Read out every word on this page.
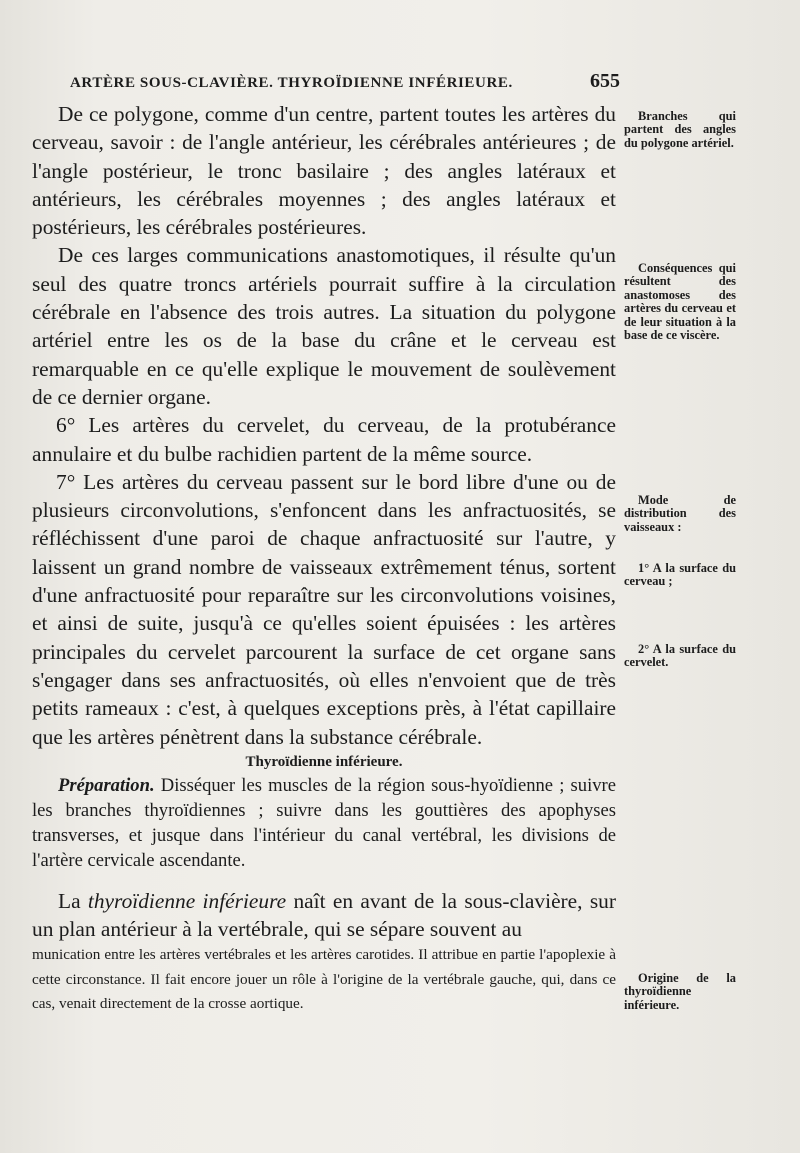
ARTÈRE SOUS-CLAVIÈRE. THYROÏDIENNE INFÉRIEURE.	655

De ce polygone, comme d'un centre, partent toutes les artères du cerveau, savoir : de l'angle antérieur, les cérébrales antérieures ; de l'angle postérieur, le tronc basilaire ; des angles latéraux et antérieurs, les cérébrales moyennes ; des angles latéraux et postérieurs, les cérébrales postérieures.

De ces larges communications anastomotiques, il résulte qu'un seul des quatre troncs artériels pourrait suffire à la circulation cérébrale en l'absence des trois autres. La situation du polygone artériel entre les os de la base du crâne et le cerveau est remarquable en ce qu'elle explique le mouvement de soulèvement de ce dernier organe.

6° Les artères du cervelet, du cerveau, de la protubérance annulaire et du bulbe rachidien partent de la même source.

7° Les artères du cerveau passent sur le bord libre d'une ou de plusieurs circonvolutions, s'enfoncent dans les anfractuosités, se réfléchissent d'une paroi de chaque anfractuosité sur l'autre, y laissent un grand nombre de vaisseaux extrêmement ténus, sortent d'une anfractuosité pour reparaître sur les circonvolutions voisines, et ainsi de suite, jusqu'à ce qu'elles soient épuisées : les artères principales du cervelet parcourent la surface de cet organe sans s'engager dans ses anfractuosités, où elles n'envoient que de très petits rameaux : c'est, à quelques exceptions près, à l'état capillaire que les artères pénètrent dans la substance cérébrale.

Thyroïdienne inférieure.

Préparation. Disséquer les muscles de la région sous-hyoïdienne ; suivre les branches thyroïdiennes ; suivre dans les gouttières des apophyses transverses, et jusque dans l'intérieur du canal vertébral, les divisions de l'artère cervicale ascendante.

La thyroïdienne inférieure naît en avant de la sous-clavière, sur un plan antérieur à la vertébrale, qui se sépare souvent au

munication entre les artères vertébrales et les artères carotides. Il attribue en partie l'apoplexie à cette circonstance. Il fait encore jouer un rôle à l'origine de la vertébrale gauche, qui, dans ce cas, venait directement de la crosse aortique.

Branches qui partent des angles du polygone artériel.

Conséquences qui résultent des anastomoses des artères du cerveau et de leur situation à la base de ce viscère.

Mode de distribution des vaisseaux :

1° A la surface du cerveau ;

2° A la surface du cervelet.

Origine de la thyroïdienne inférieure.
